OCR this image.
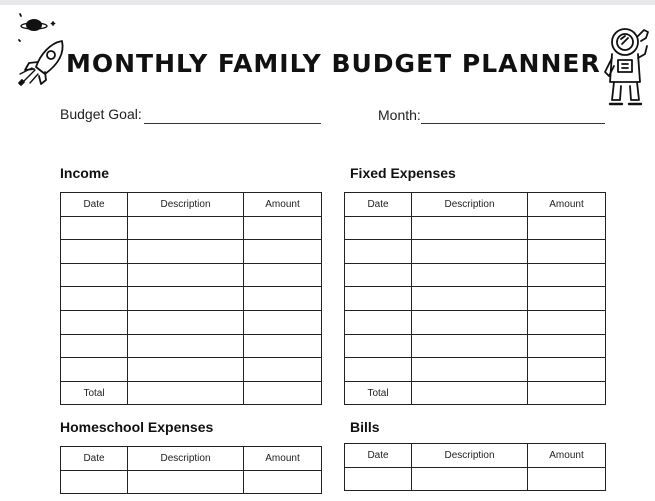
MONTHLY FAMILY BUDGET PLANNER
Budget Goal:	Month:
Income
Date	Description	Amount

Total		
Fixed Expenses
Date	Description	Amount

Total		
Homeschool Expenses
Date	Description	Amount

Bills
Date	Description	Amount
